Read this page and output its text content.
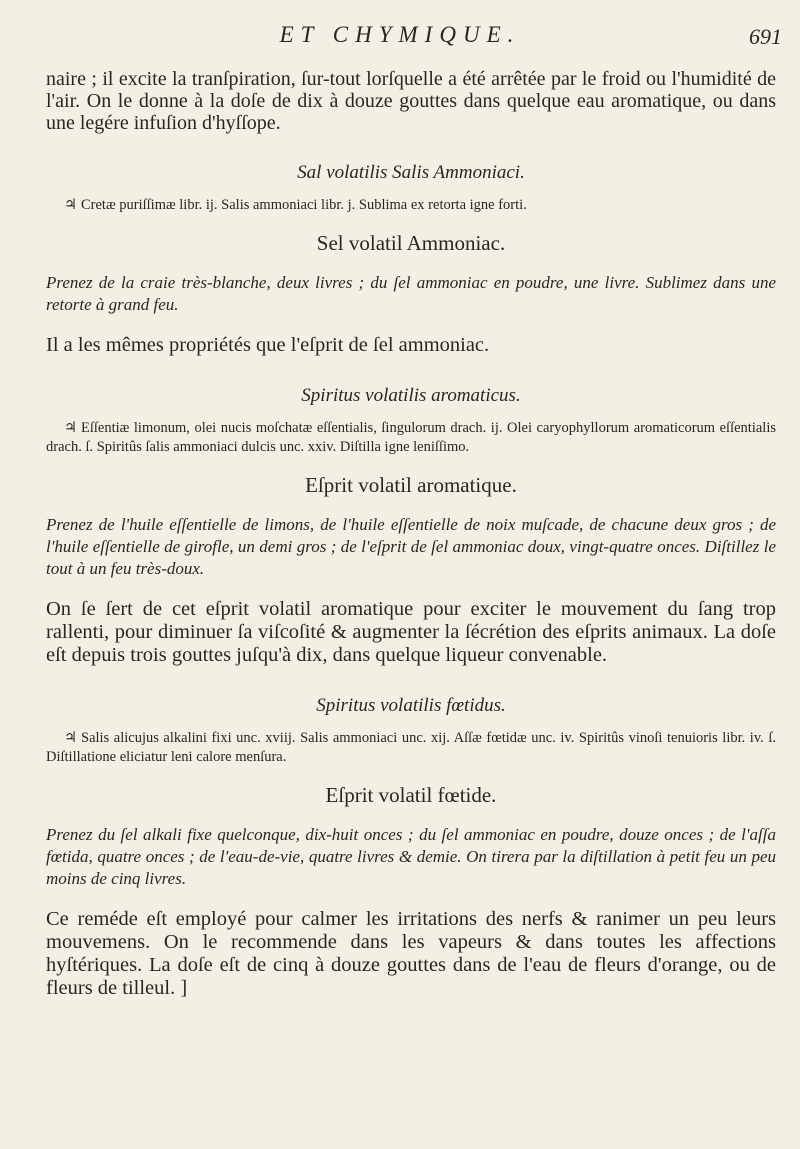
ET CHYMIQUE.	691

naire ; il excite la tranſpiration, ſur-tout lorſquelle a été arrêtée par le froid ou l'humidité de l'air. On le donne à la doſe de dix à douze gouttes dans quelque eau aromatique, ou dans une legére infuſion d'hyſſope.

Sal volatilis Salis Ammoniaci.

♃ Cretæ puriſſimæ libr. ij. Salis ammoniaci libr. j. Sublima ex retorta igne forti.

Sel volatil Ammoniac.

Prenez de la craie très-blanche, deux livres ; du ſel ammoniac en poudre, une livre. Sublimez dans une retorte à grand feu.

Il a les mêmes propriétés que l'eſprit de ſel ammoniac.

Spiritus volatilis aromaticus.

♃ Eſſentiæ limonum, olei nucis moſchatæ eſſentialis, ſingulorum drach. ij. Olei caryophyllorum aromaticorum eſſentialis drach. ſ. Spiritûs ſalis ammoniaci dulcis unc. xxiv. Diſtilla igne leniſſimo.

Eſprit volatil aromatique.

Prenez de l'huile eſſentielle de limons, de l'huile eſſentielle de noix muſcade, de chacune deux gros ; de l'huile eſſentielle de girofle, un demi gros ; de l'eſprit de ſel ammoniac doux, vingt-quatre onces. Diſtillez le tout à un feu très-doux.

On ſe ſert de cet eſprit volatil aromatique pour exciter le mouvement du ſang trop rallenti, pour diminuer ſa viſcoſité & augmenter la ſécrétion des eſprits animaux. La doſe eſt depuis trois gouttes juſqu'à dix, dans quelque liqueur convenable.

Spiritus volatilis fœtidus.

♃ Salis alicujus alkalini fixi unc. xviij. Salis ammoniaci unc. xij. Aſſæ fœtidæ unc. iv. Spiritûs vinoſi tenuioris libr. iv. ſ. Diſtillatione eliciatur leni calore menſura.

Eſprit volatil fœtide.

Prenez du ſel alkali fixe quelconque, dix-huit onces ; du ſel ammoniac en poudre, douze onces ; de l'aſſa fœtida, quatre onces ; de l'eau-de-vie, quatre livres & demie. On tirera par la diſtillation à petit feu un peu moins de cinq livres.

Ce reméde eſt employé pour calmer les irritations des nerfs & ranimer un peu leurs mouvemens. On le recommende dans les vapeurs & dans toutes les affections hyſtériques. La doſe eſt de cinq à douze gouttes dans de l'eau de fleurs d'orange, ou de fleurs de tilleul. ]
